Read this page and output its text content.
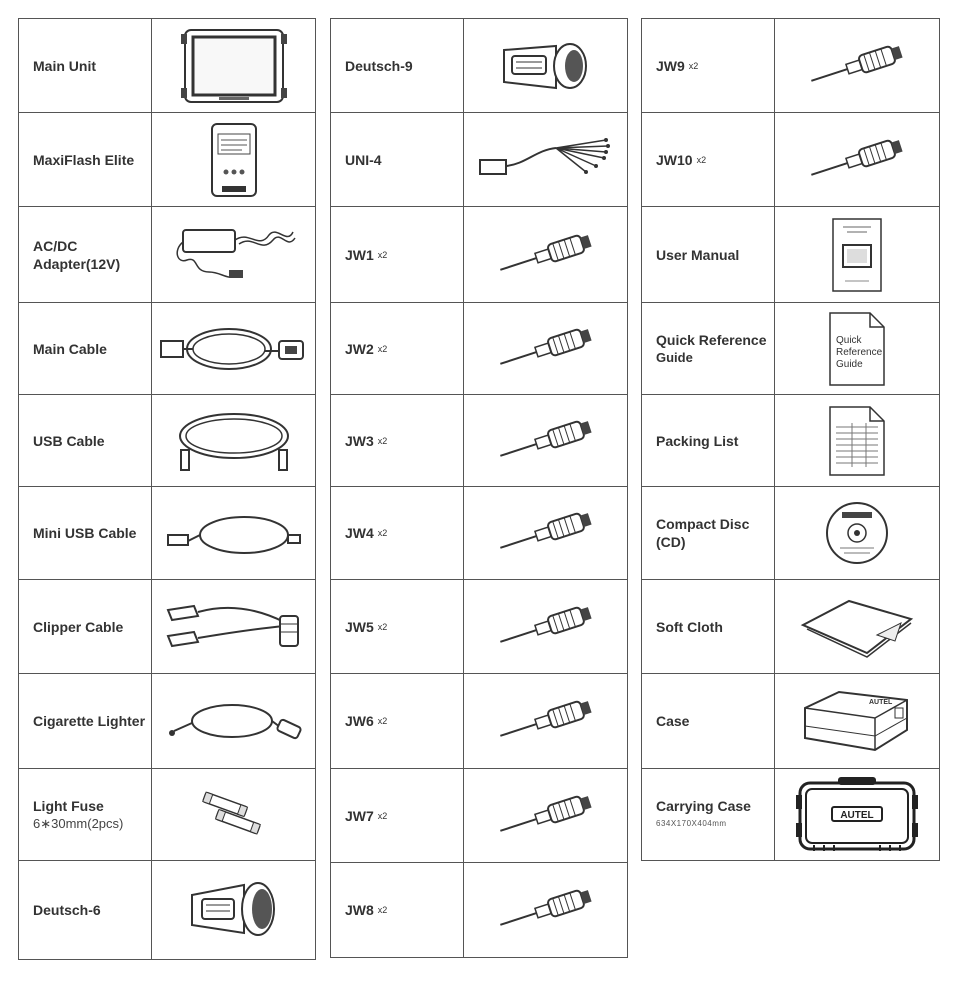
Main Unit
MaxiFlash Elite
AC/DC
Adapter(12V)
Main Cable
USB Cable
Mini USB Cable
Clipper Cable
Cigarette Lighter
Light Fuse
6∗30mm(2pcs)
Deutsch-6
Deutsch-9
UNI-4
JW1 x2
JW2 x2
JW3 x2
JW4 x2
JW5 x2
JW6 x2
JW7 x2
JW8 x2
JW9 x2
JW10 x2
User Manual
Quick Reference
Guide
Quick
Reference
Guide
Packing List
Compact Disc
(CD)
Soft Cloth
Case
AUTEL
Carrying Case
634X170X404mm
AUTEL
